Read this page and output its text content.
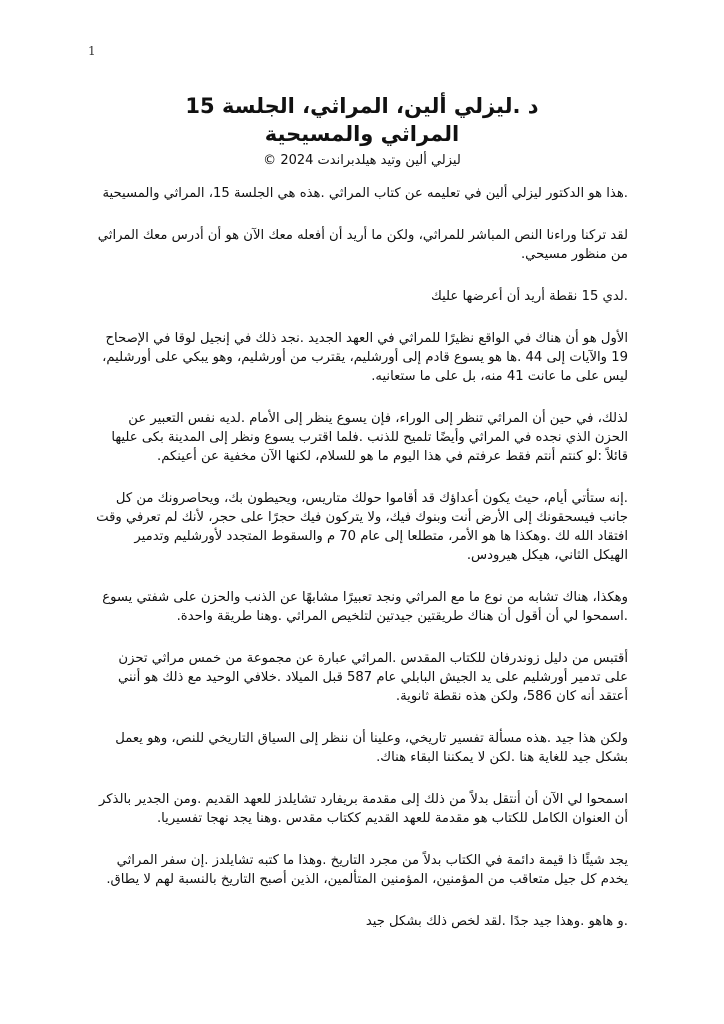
1
د .ليزلي ألين، المراثي، الجلسة 15
المراثي والمسيحية
ليزلي ألين وتيد هيلدبراندت 2024 ©

.هذا هو الدكتور ليزلي ألين في تعليمه عن كتاب المراثي .هذه هي الجلسة 15، المراثي والمسيحية

لقد تركنا وراءنا النص المباشر للمراثي، ولكن ما أريد أن أفعله معك الآن هو أن أدرس معك المراثي من منظور مسيحي.

.لدي 15 نقطة أريد أن أعرضها عليك

الأول هو أن هناك في الواقع نظيرًا للمراثي في العهد الجديد .نجد ذلك في إنجيل لوقا في الإصحاح 19 والآيات إلى 44 .ها هو يسوع قادم إلى أورشليم، يقترب من أورشليم، وهو يبكي على أورشليم، ليس على ما عانت 41 منه، بل على ما ستعانيه.

لذلك، في حين أن المراثي تنظر إلى الوراء، فإن يسوع ينظر إلى الأمام .لديه نفس التعبير عن الحزن الذي نجده في المراثي وأيضًا تلميح للذنب .فلما اقترب يسوع ونظر إلى المدينة بكى عليها قائلاً :لو كنتم أنتم فقط عرفتم في هذا اليوم ما هو للسلام، لكنها الآن مخفية عن أعينكم.

.إنه ستأتي أيام، حيث يكون أعداؤك قد أقاموا حولك متاريس، ويحيطون بك، ويحاصرونك من كل جانب فيسحقونك إلى الأرض أنت وبنوك فيك، ولا يتركون فيك حجرًا على حجر، لأنك لم تعرفي وقت افتقاد الله لك .وهكذا ها هو الأمر، متطلعا إلى عام 70 م والسقوط المتجدد لأورشليم وتدمير الهيكل الثاني، هيكل هيرودس.

وهكذا، هناك تشابه من نوع ما مع المراثي ونجد تعبيرًا مشابهًا عن الذنب والحزن على شفتي يسوع .اسمحوا لي أن أقول أن هناك طريقتين جيدتين لتلخيص المراثي .وهنا طريقة واحدة.

أقتبس من دليل زوندرفان للكتاب المقدس .المراثي عبارة عن مجموعة من خمس مراثي تحزن على تدمير أورشليم على يد الجيش البابلي عام 587 قبل الميلاد .خلافي الوحيد مع ذلك هو أنني أعتقد أنه كان 586، ولكن هذه نقطة ثانوية.

ولكن هذا جيد .هذه مسألة تفسير تاريخي، وعلينا أن ننظر إلى السياق التاريخي للنص، وهو يعمل بشكل جيد للغاية هنا .لكن لا يمكننا البقاء هناك.

اسمحوا لي الآن أن أنتقل بدلاً من ذلك إلى مقدمة بريفارد تشايلدز للعهد القديم .ومن الجدير بالذكر أن العنوان الكامل للكتاب هو مقدمة للعهد القديم ككتاب مقدس .وهنا يجد نهجا تفسيريا.

يجد شيئًا ذا قيمة دائمة في الكتاب بدلاً من مجرد التاريخ .وهذا ما كتبه تشايلدز .إن سفر المراثي يخدم كل جيل متعاقب من المؤمنين، المؤمنين المتألمين، الذين أصبح التاريخ بالنسبة لهم لا يطاق.

.و هاهو .وهذا جيد جدًا .لقد لخص ذلك بشكل جيد
